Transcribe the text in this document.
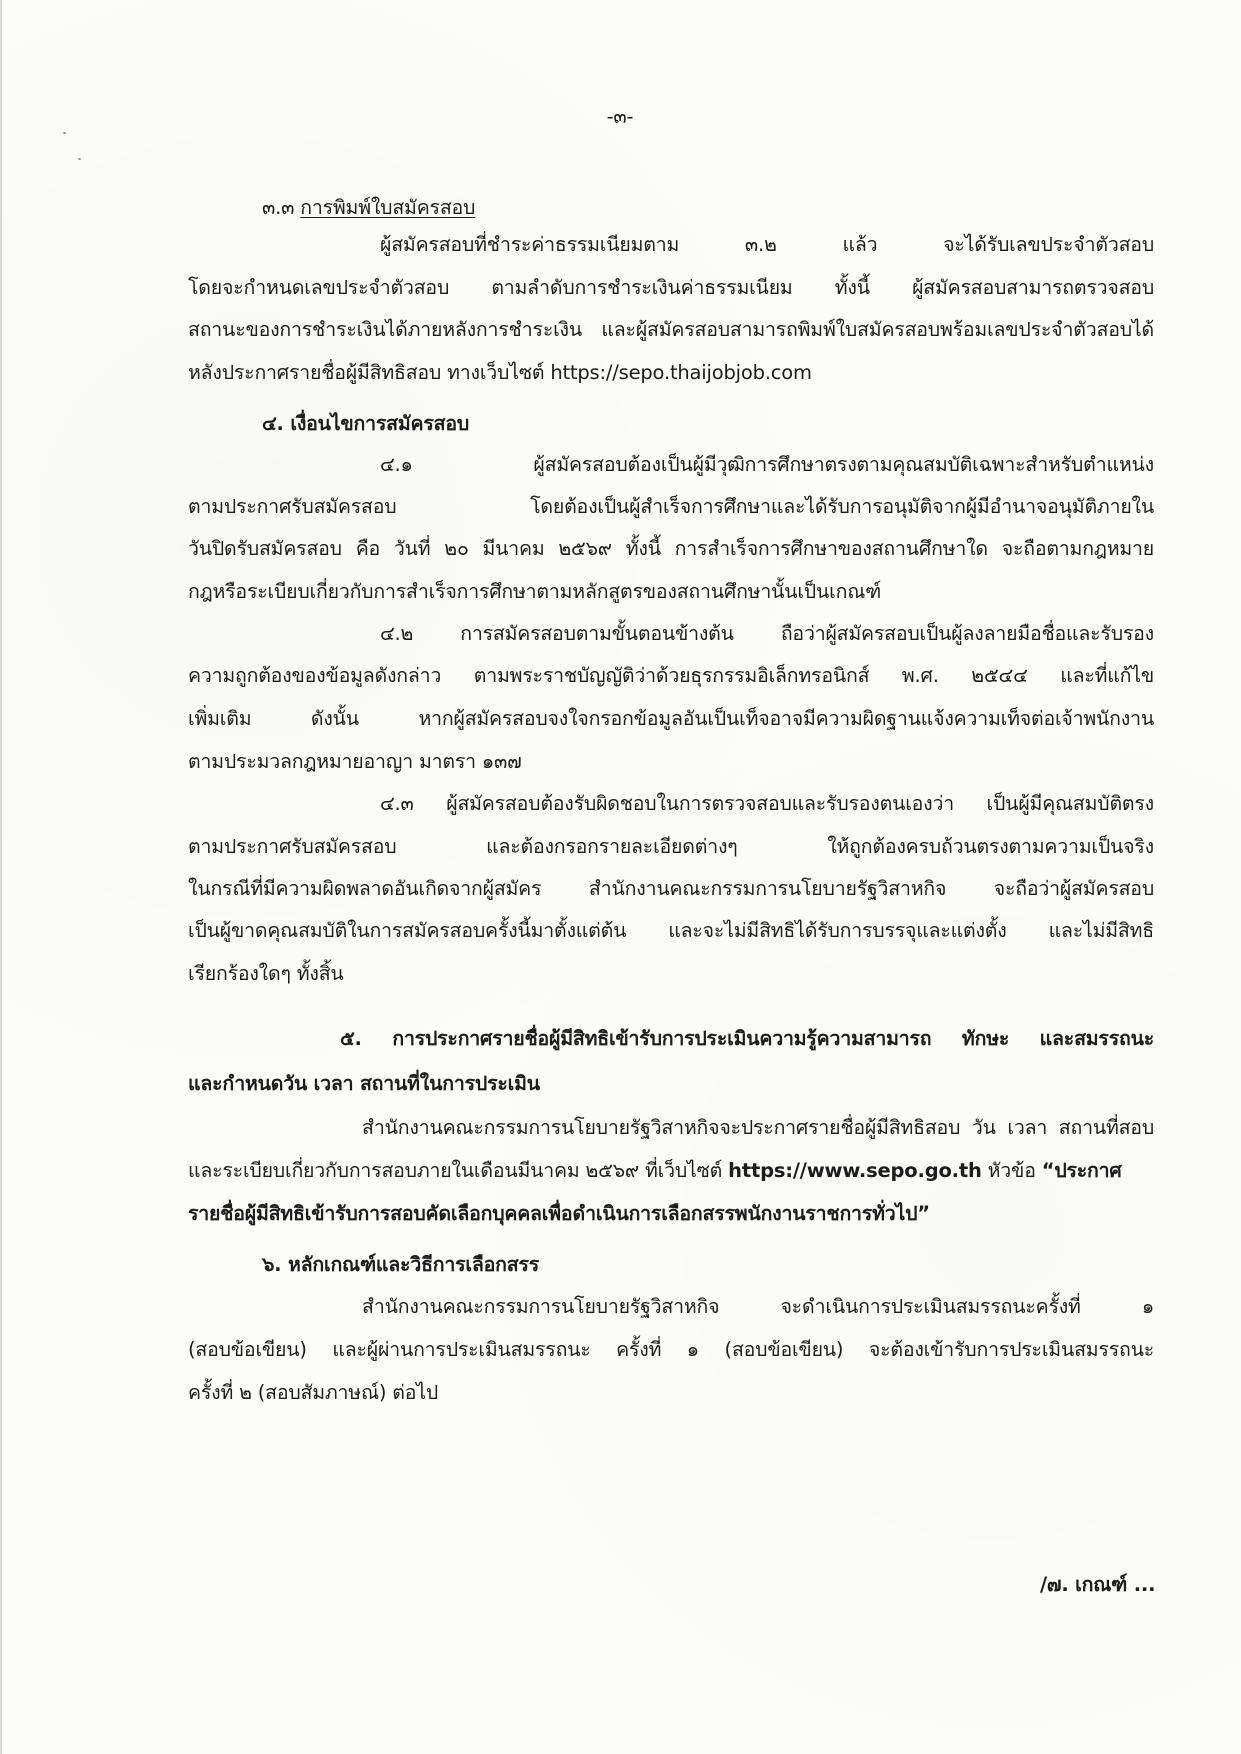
-๓-
๓.๓ การพิมพ์ใบสมัครสอบ
ผู้สมัครสอบที่ชำระค่าธรรมเนียมตาม ๓.๒ แล้ว จะได้รับเลขประจำตัวสอบ
โดยจะกำหนดเลขประจำตัวสอบ ตามลำดับการชำระเงินค่าธรรมเนียม ทั้งนี้ ผู้สมัครสอบสามารถตรวจสอบ
สถานะของการชำระเงินได้ภายหลังการชำระเงิน และผู้สมัครสอบสามารถพิมพ์ใบสมัครสอบพร้อมเลขประจำตัวสอบได้
หลังประกาศรายชื่อผู้มีสิทธิสอบ ทางเว็บไซต์ https://sepo.thaijobjob.com
๔. เงื่อนไขการสมัครสอบ
๔.๑ ผู้สมัครสอบต้องเป็นผู้มีวุฒิการศึกษาตรงตามคุณสมบัติเฉพาะสำหรับตำแหน่ง
ตามประกาศรับสมัครสอบ โดยต้องเป็นผู้สำเร็จการศึกษาและได้รับการอนุมัติจากผู้มีอำนาจอนุมัติภายใน
วันปิดรับสมัครสอบ คือ วันที่ ๒๐ มีนาคม ๒๕๖๙ ทั้งนี้ การสำเร็จการศึกษาของสถานศึกษาใด จะถือตามกฎหมาย
กฎหรือระเบียบเกี่ยวกับการสำเร็จการศึกษาตามหลักสูตรของสถานศึกษานั้นเป็นเกณฑ์
๔.๒ การสมัครสอบตามขั้นตอนข้างต้น ถือว่าผู้สมัครสอบเป็นผู้ลงลายมือชื่อและรับรอง
ความถูกต้องของข้อมูลดังกล่าว ตามพระราชบัญญัติว่าด้วยธุรกรรมอิเล็กทรอนิกส์ พ.ศ. ๒๕๔๔ และที่แก้ไข
เพิ่มเติม ดังนั้น หากผู้สมัครสอบจงใจกรอกข้อมูลอันเป็นเท็จอาจมีความผิดฐานแจ้งความเท็จต่อเจ้าพนักงาน
ตามประมวลกฎหมายอาญา มาตรา ๑๓๗
๔.๓ ผู้สมัครสอบต้องรับผิดชอบในการตรวจสอบและรับรองตนเองว่า เป็นผู้มีคุณสมบัติตรง
ตามประกาศรับสมัครสอบ และต้องกรอกรายละเอียดต่างๆ ให้ถูกต้องครบถ้วนตรงตามความเป็นจริง
ในกรณีที่มีความผิดพลาดอันเกิดจากผู้สมัคร สำนักงานคณะกรรมการนโยบายรัฐวิสาหกิจ จะถือว่าผู้สมัครสอบ
เป็นผู้ขาดคุณสมบัติในการสมัครสอบครั้งนี้มาตั้งแต่ต้น และจะไม่มีสิทธิได้รับการบรรจุและแต่งตั้ง และไม่มีสิทธิ
เรียกร้องใดๆ ทั้งสิ้น
๕. การประกาศรายชื่อผู้มีสิทธิเข้ารับการประเมินความรู้ความสามารถ ทักษะ และสมรรถนะ
และกำหนดวัน เวลา สถานที่ในการประเมิน
สำนักงานคณะกรรมการนโยบายรัฐวิสาหกิจจะประกาศรายชื่อผู้มีสิทธิสอบ วัน เวลา สถานที่สอบ
และระเบียบเกี่ยวกับการสอบภายในเดือนมีนาคม ๒๕๖๙ ที่เว็บไซต์ https://www.sepo.go.th หัวข้อ “ประกาศ
รายชื่อผู้มีสิทธิเข้ารับการสอบคัดเลือกบุคคลเพื่อดำเนินการเลือกสรรพนักงานราชการทั่วไป”
๖. หลักเกณฑ์และวิธีการเลือกสรร
สำนักงานคณะกรรมการนโยบายรัฐวิสาหกิจ จะดำเนินการประเมินสมรรถนะครั้งที่ ๑
(สอบข้อเขียน) และผู้ผ่านการประเมินสมรรถนะ ครั้งที่ ๑ (สอบข้อเขียน) จะต้องเข้ารับการประเมินสมรรถนะ
ครั้งที่ ๒ (สอบสัมภาษณ์) ต่อไป
/๗. เกณฑ์ ...
